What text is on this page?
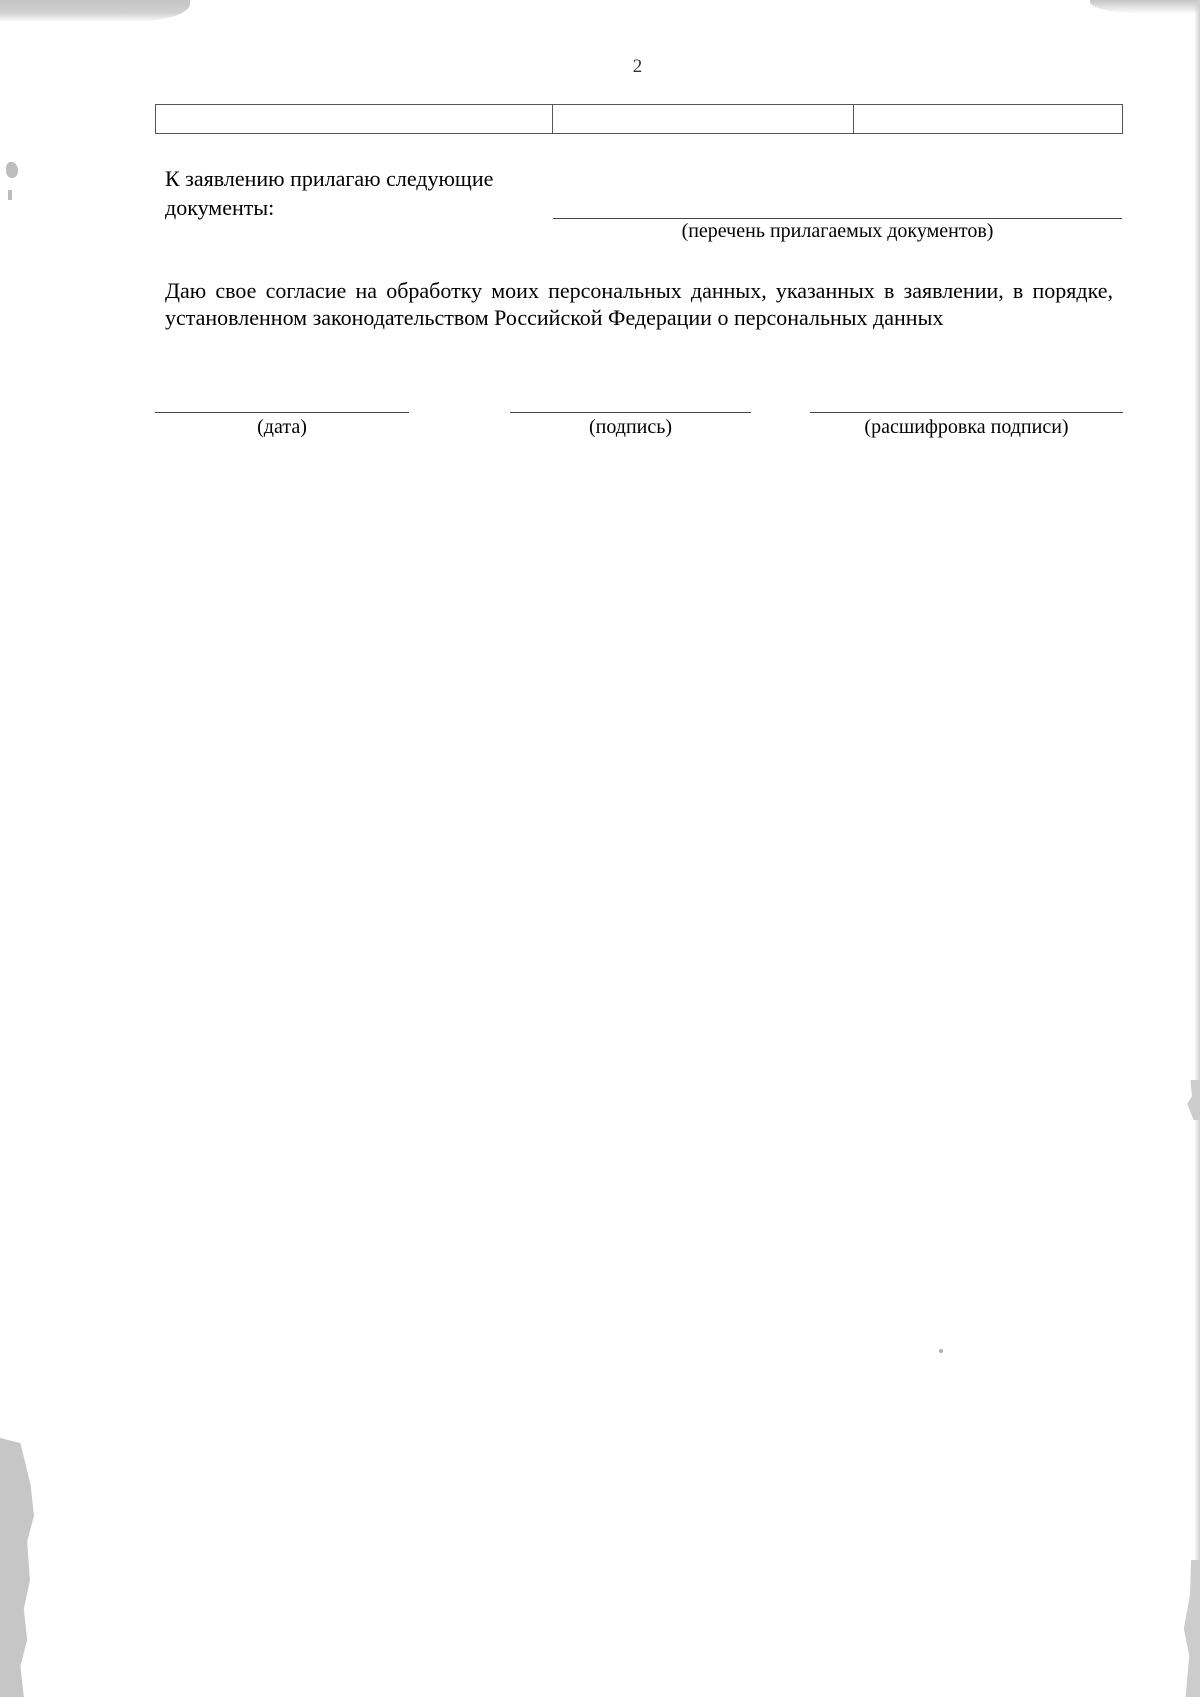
2
К заявлению прилагаю следующие документы:
(перечень прилагаемых документов)
Даю свое согласие на обработку моих персональных данных, указанных в заявлении, в порядке, установленном законодательством Российской Федерации о персональных данных
(дата)	(подпись)	(расшифровка подписи)
